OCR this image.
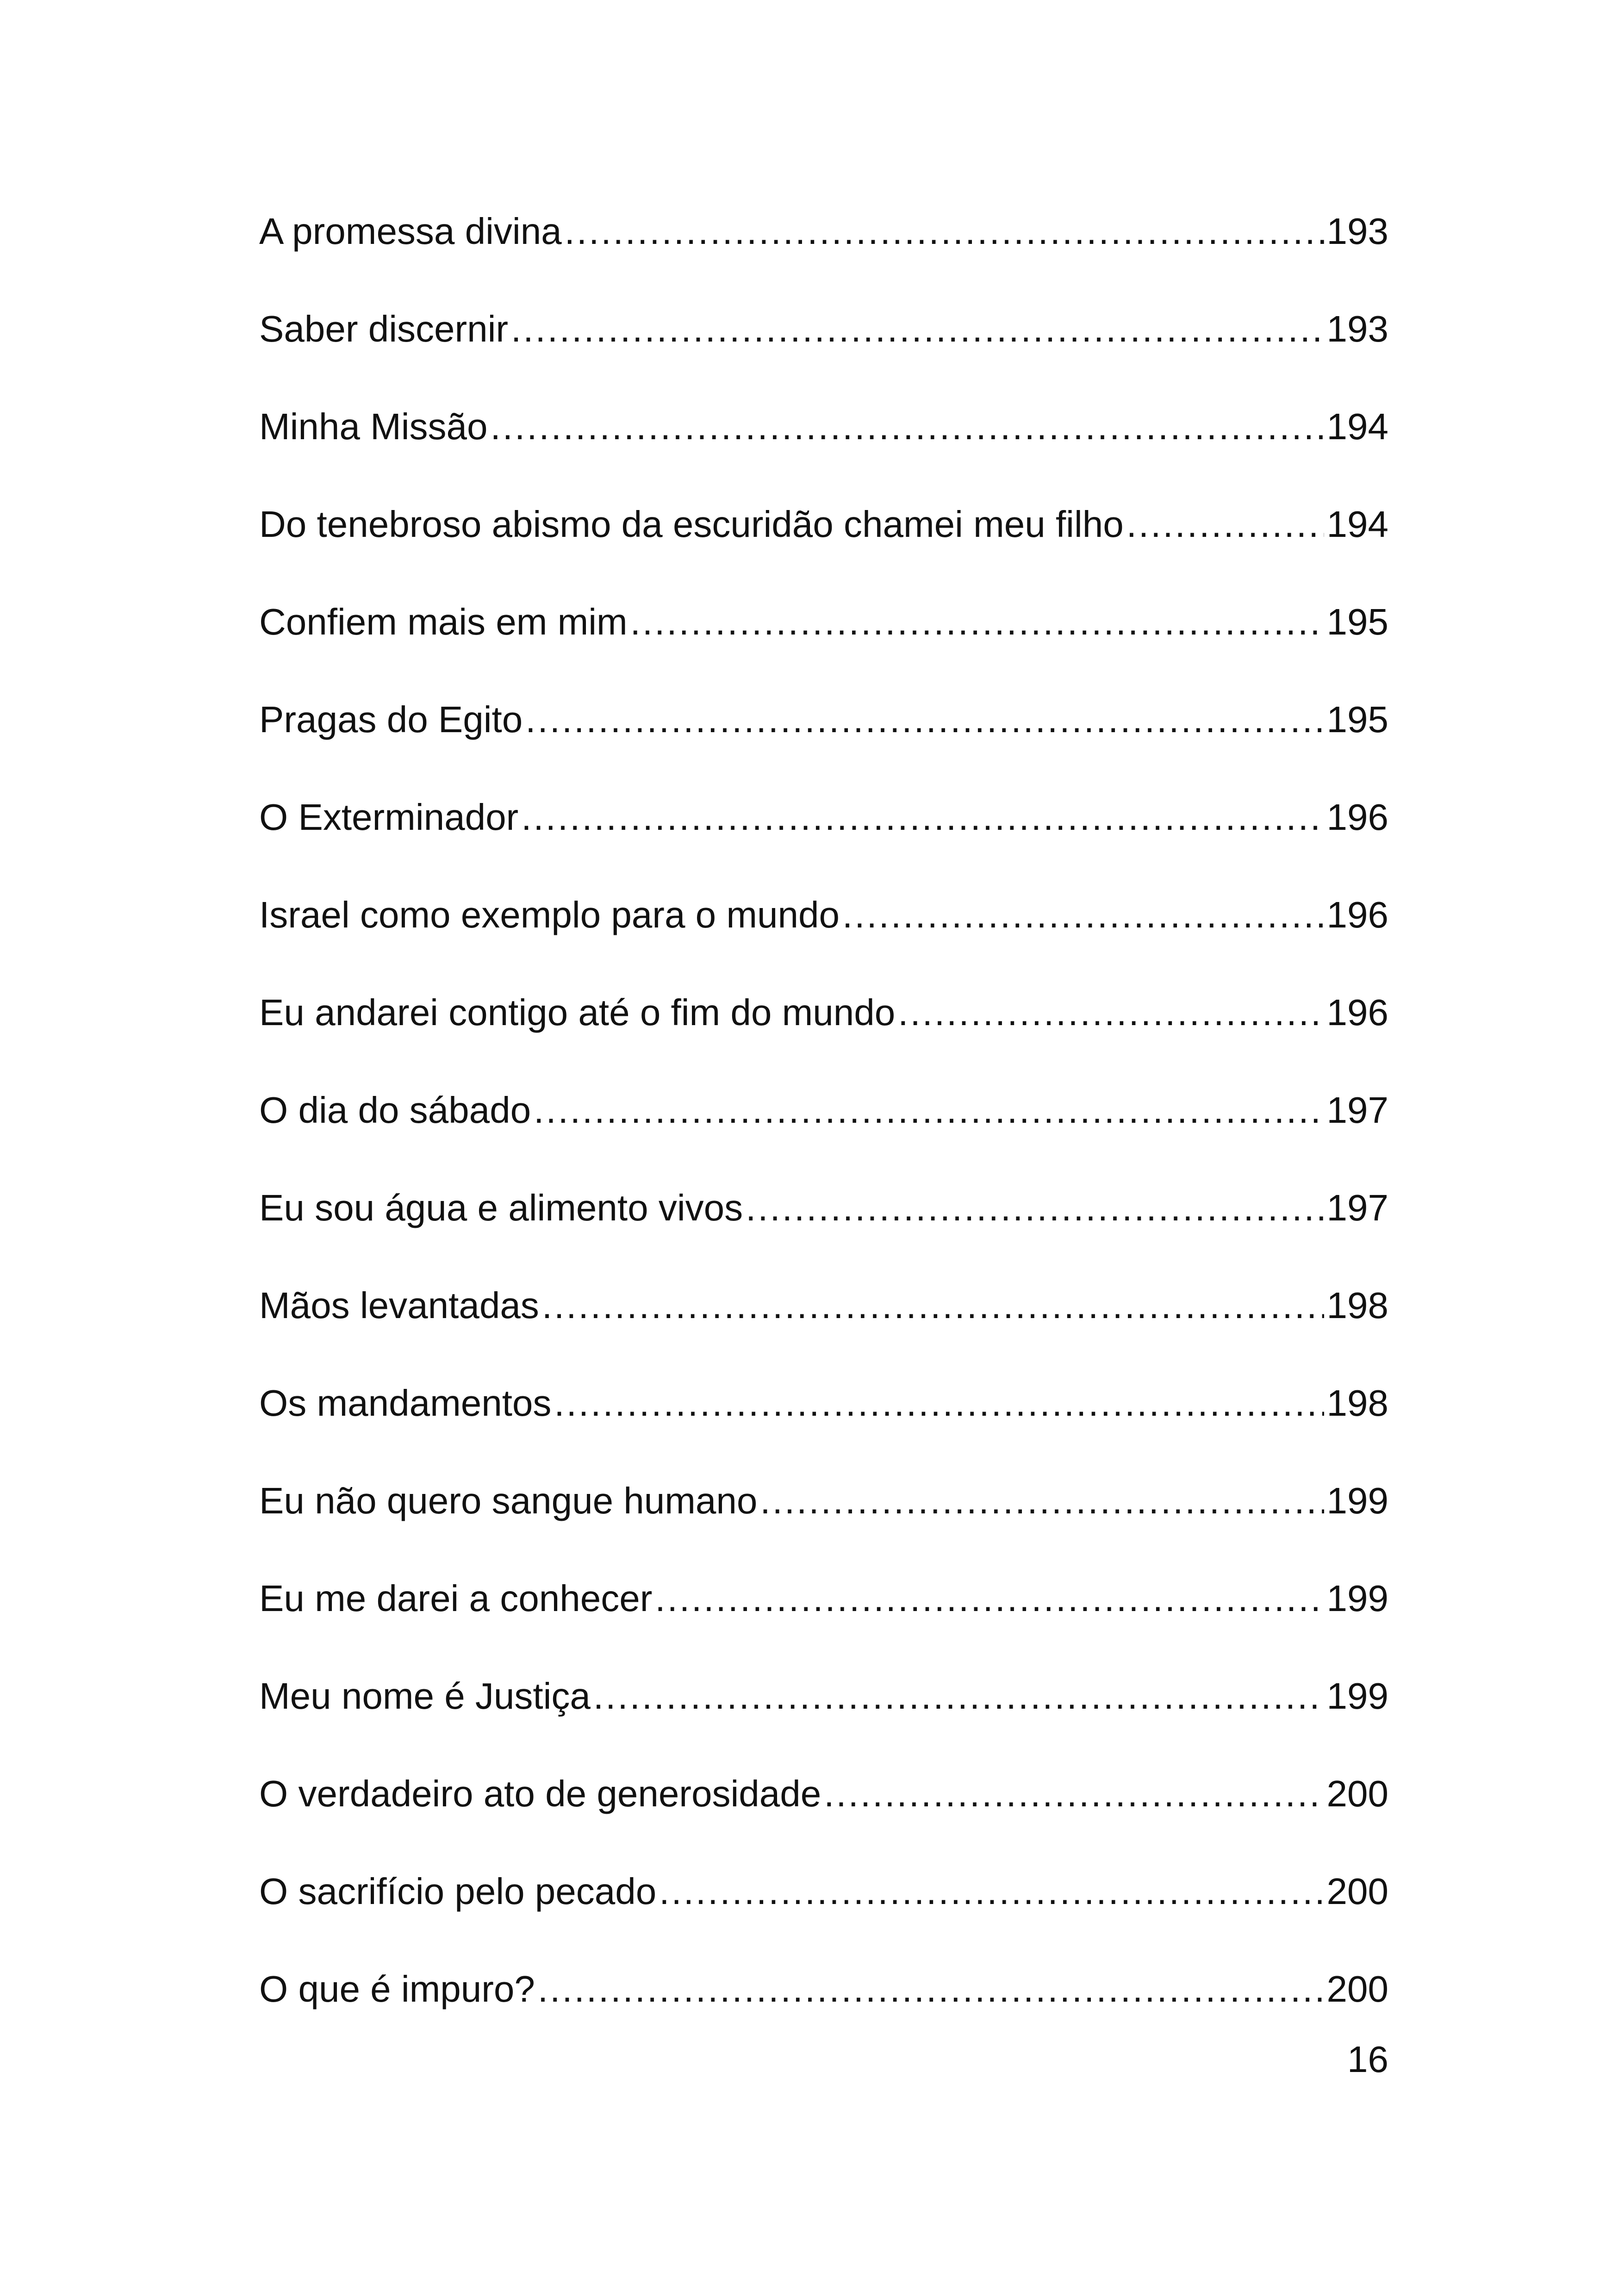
A promessa divina .....	193
Saber discernir .....	193
Minha Missão .....	194
Do tenebroso abismo da escuridão chamei meu filho .....	194
Confiem mais em mim .....	195
Pragas do Egito .....	195
O Exterminador .....	196
Israel como exemplo para o mundo .....	196
Eu andarei contigo até o fim do mundo .....	196
O dia do sábado .....	197
Eu sou água e alimento vivos .....	197
Mãos levantadas .....	198
Os mandamentos .....	198
Eu não quero sangue humano .....	199
Eu me darei a conhecer .....	199
Meu nome é Justiça .....	199
O verdadeiro ato de generosidade .....	200
O sacrifício pelo pecado .....	200
O que é impuro? .....	200
16
